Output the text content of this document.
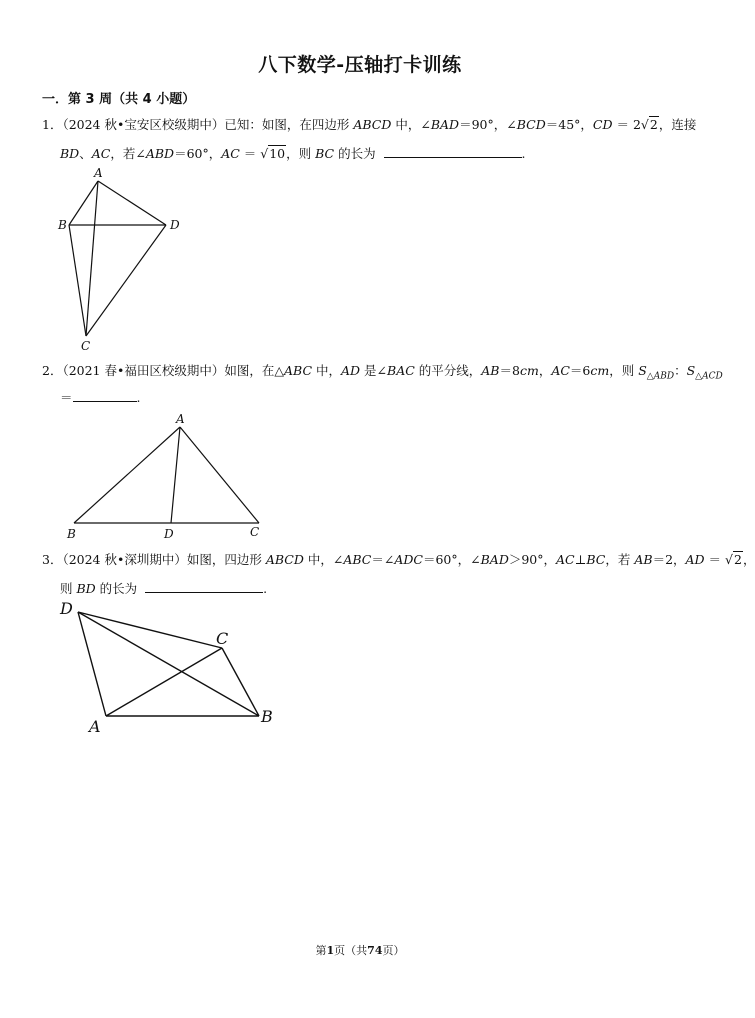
八下数学-压轴打卡训练
一．第 3 周（共 4 小题）
1．（2024 秋•宝安区校级期中）已知：如图，在四边形 ABCD 中，∠BAD＝90°，∠BCD＝45°，CD ＝ 2√2，连接
BD、AC，若∠ABD＝60°，AC ＝ √10，则 BC 的长为	.
A
B	D
C
2．（2021 春•福田区校级期中）如图，在△ABC 中，AD 是∠BAC 的平分线，AB＝8cm，AC＝6cm，则 $S_{\triangle ABD}$：$S_{\triangle ACD}$
＝	.
A
B	D	C
3．（2024 秋•深圳期中）如图，四边形 ABCD 中，∠ABC＝∠ADC＝60°，∠BAD＞90°，AC⊥BC，若 AB＝2，AD ＝ √2，
则 BD 的长为	.
D
C
A
B
第1页（共74页）
